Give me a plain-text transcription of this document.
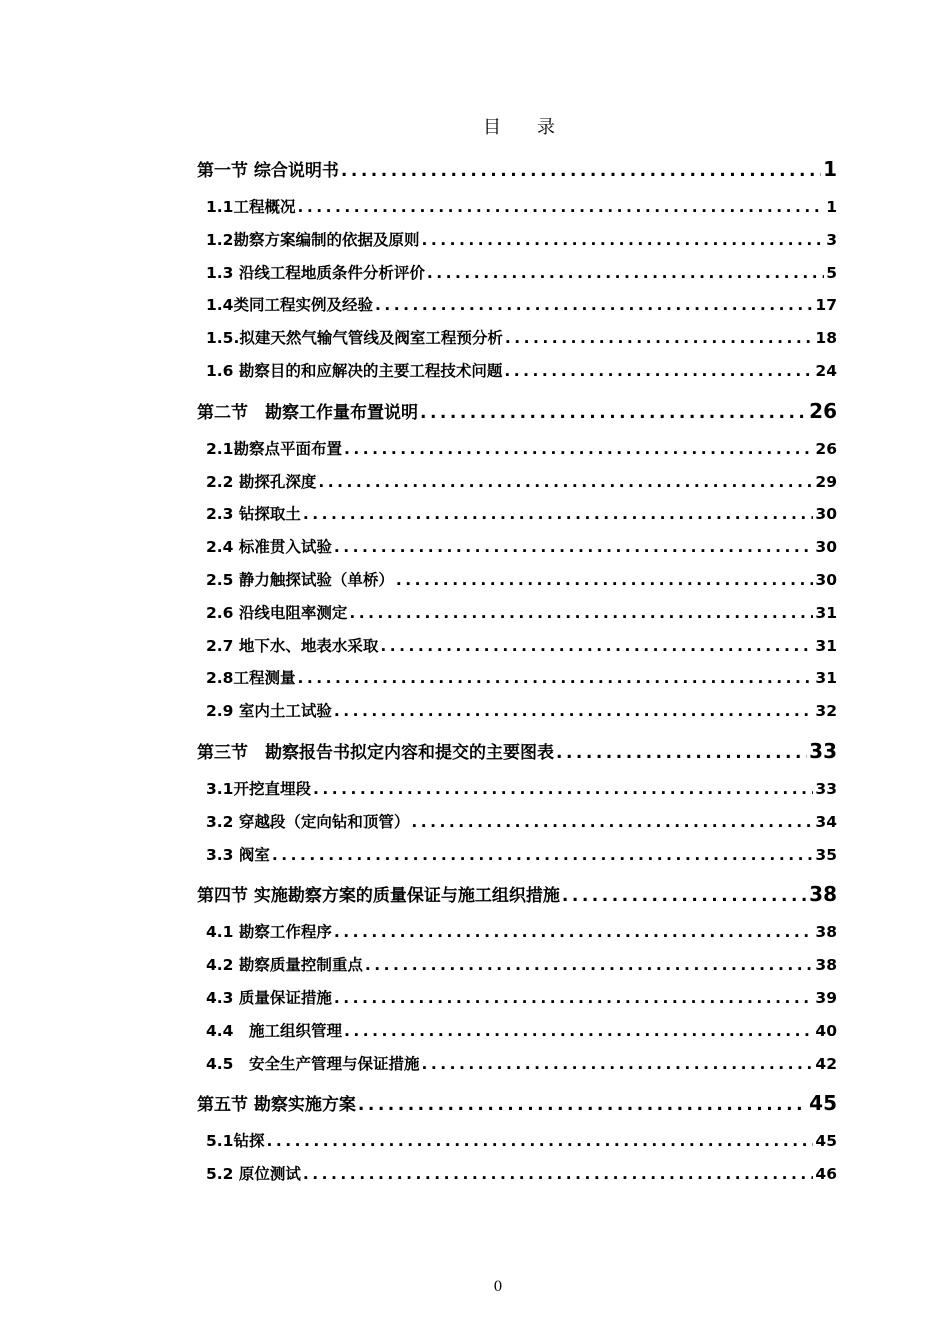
目 录
第一节 综合说明书 .....	1
1.1工程概况 .....	1
1.2勘察方案编制的依据及原则 .....	3
1.3 沿线工程地质条件分析评价 .....	5
1.4类同工程实例及经验 .....	17
1.5.拟建天然气输气管线及阀室工程预分析 .....	18
1.6 勘察目的和应解决的主要工程技术问题 .....	24
第二节　勘察工作量布置说明 .....	26
2.1勘察点平面布置 .....	26
2.2 勘探孔深度 .....	29
2.3 钻探取土 .....	30
2.4 标准贯入试验 .....	30
2.5 静力触探试验（单桥） .....	30
2.6 沿线电阻率测定 .....	31
2.7 地下水、地表水采取 .....	31
2.8工程测量 .....	31
2.9 室内土工试验 .....	32
第三节　勘察报告书拟定内容和提交的主要图表 .....	33
3.1开挖直埋段 .....	33
3.2 穿越段（定向钻和顶管） .....	34
3.3 阀室 .....	35
第四节 实施勘察方案的质量保证与施工组织措施 .....	38
4.1 勘察工作程序 .....	38
4.2 勘察质量控制重点 .....	38
4.3 质量保证措施 .....	39
4.4　施工组织管理 .....	40
4.5　安全生产管理与保证措施 .....	42
第五节 勘察实施方案 .....	45
5.1钻探 .....	45
5.2 原位测试 .....	46
0
